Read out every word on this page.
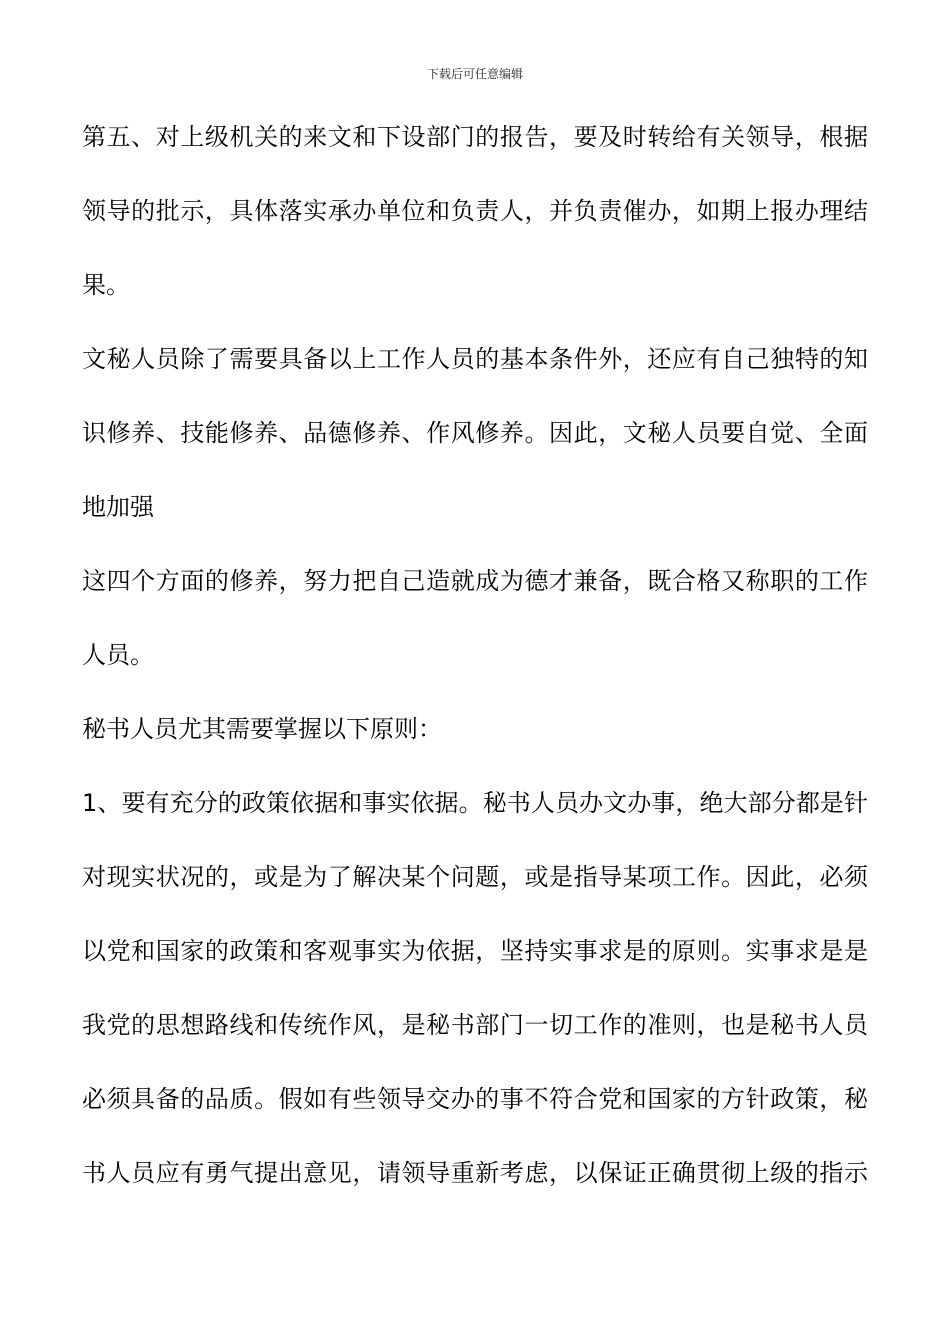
下载后可任意编辑
第五、对上级机关的来文和下设部门的报告，要及时转给有关领导，根据
领导的批示，具体落实承办单位和负责人，并负责催办，如期上报办理结
果。
文秘人员除了需要具备以上工作人员的基本条件外，还应有自己独特的知
识修养、技能修养、品德修养、作风修养。因此，文秘人员要自觉、全面
地加强
这四个方面的修养，努力把自己造就成为德才兼备，既合格又称职的工作
人员。
秘书人员尤其需要掌握以下原则：
1、要有充分的政策依据和事实依据。秘书人员办文办事，绝大部分都是针
对现实状况的，或是为了解决某个问题，或是指导某项工作。因此，必须
以党和国家的政策和客观事实为依据，坚持实事求是的原则。实事求是是
我党的思想路线和传统作风，是秘书部门一切工作的准则，也是秘书人员
必须具备的品质。假如有些领导交办的事不符合党和国家的方针政策，秘
书人员应有勇气提出意见，请领导重新考虑，以保证正确贯彻上级的指示
